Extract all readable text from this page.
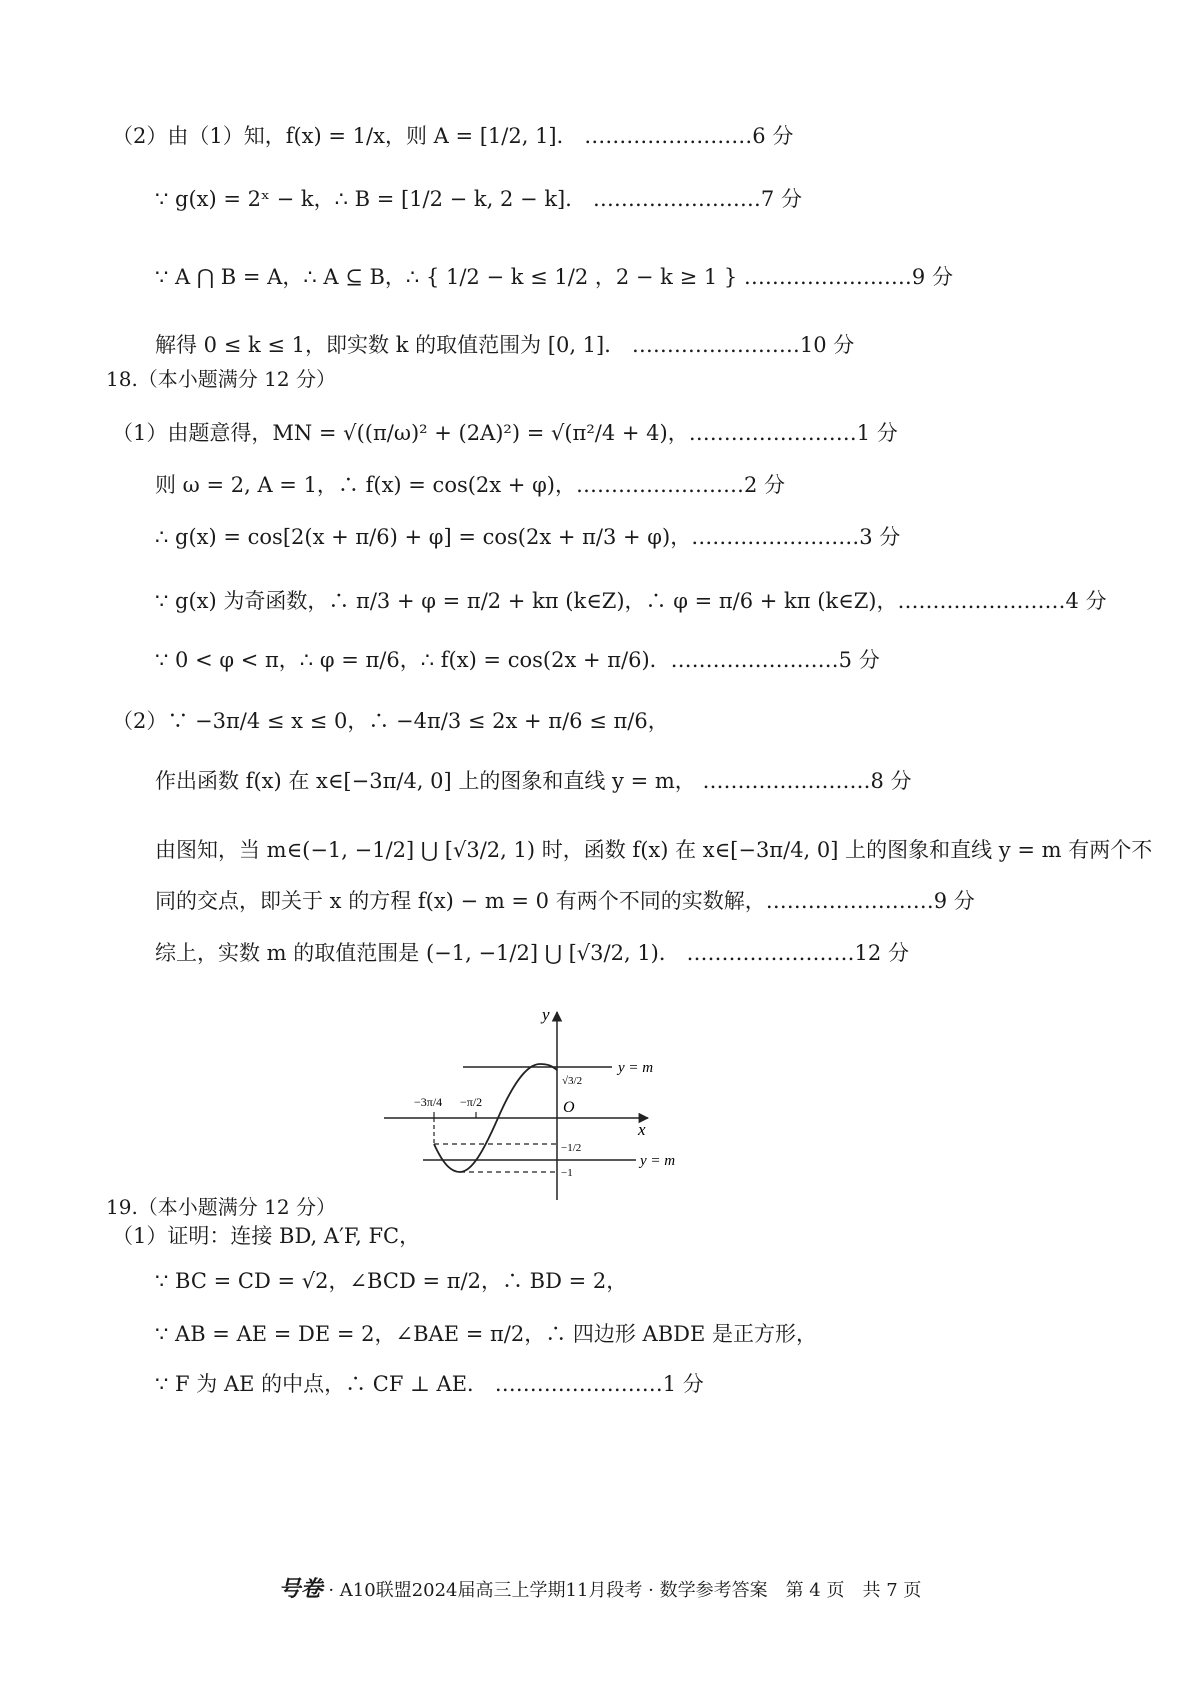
（2）由（1）知，f(x) = 1/x，则 A = [1/2, 1]． ……………………6 分
∵ g(x) = 2ˣ − k，∴ B = [1/2 − k, 2 − k]． ……………………7 分
∵ A ⋂ B = A，∴ A ⊆ B，∴ { 1/2 − k ≤ 1/2 ，2 − k ≥ 1 } ……………………9 分
解得 0 ≤ k ≤ 1，即实数 k 的取值范围为 [0, 1]． ……………………10 分
18.（本小题满分 12 分）
（1）由题意得，MN = √((π/ω)² + (2A)²) = √(π²/4 + 4)，……………………1 分
则 ω = 2, A = 1，∴ f(x) = cos(2x + φ)，……………………2 分
∴ g(x) = cos[2(x + π/6) + φ] = cos(2x + π/3 + φ)，……………………3 分
∵ g(x) 为奇函数，∴ π/3 + φ = π/2 + kπ (k∈Z)，∴ φ = π/6 + kπ (k∈Z)，……………………4 分
∵ 0 < φ < π，∴ φ = π/6，∴ f(x) = cos(2x + π/6)．……………………5 分
（2）∵ −3π/4 ≤ x ≤ 0，∴ −4π/3 ≤ 2x + π/6 ≤ π/6，
作出函数 f(x) 在 x∈[−3π/4, 0] 上的图象和直线 y = m， ……………………8 分
由图知，当 m∈(−1, −1/2] ⋃ [√3/2, 1) 时，函数 f(x) 在 x∈[−3π/4, 0] 上的图象和直线 y = m 有两个不
同的交点，即关于 x 的方程 f(x) − m = 0 有两个不同的实数解，……………………9 分
综上，实数 m 的取值范围是 (−1, −1/2] ⋃ [√3/2, 1)． ……………………12 分
y
x
O
y = m
y = m
−3π/4 −π/2
√3/2
−1/2
−1
19.（本小题满分 12 分）
（1）证明：连接 BD, A′F, FC，
∵ BC = CD = √2，∠BCD = π/2，∴ BD = 2，
∵ AB = AE = DE = 2，∠BAE = π/2，∴ 四边形 ABDE 是正方形，
∵ F 为 AE 的中点，∴ CF ⊥ AE． ……………………1 分
号卷 · A10联盟2024届高三上学期11月段考 · 数学参考答案　第 4 页　共 7 页
